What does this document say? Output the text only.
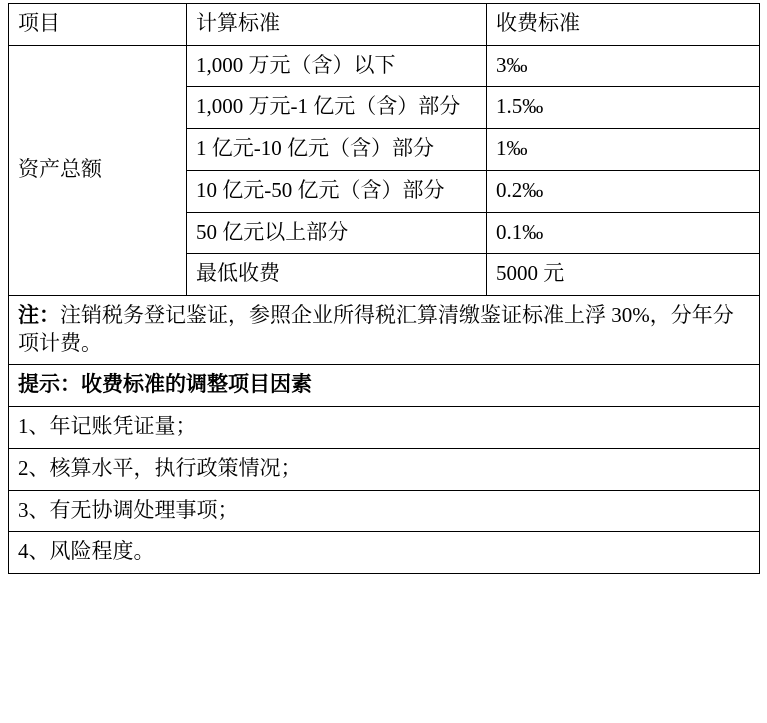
项目	计算标准	收费标准
资产总额	1,000 万元（含）以下	3‰
	1,000 万元-1 亿元（含）部分	1.5‰
	1 亿元-10 亿元（含）部分	1‰
	10 亿元-50 亿元（含）部分	0.2‰
	50 亿元以上部分	0.1‰
	最低收费	5000 元
注：注销税务登记鉴证，参照企业所得税汇算清缴鉴证标准上浮 30%，分年分项计费。		
提示：收费标准的调整项目因素		
1、年记账凭证量；		
2、核算水平，执行政策情况；		
3、有无协调处理事项；		
4、风险程度。		
